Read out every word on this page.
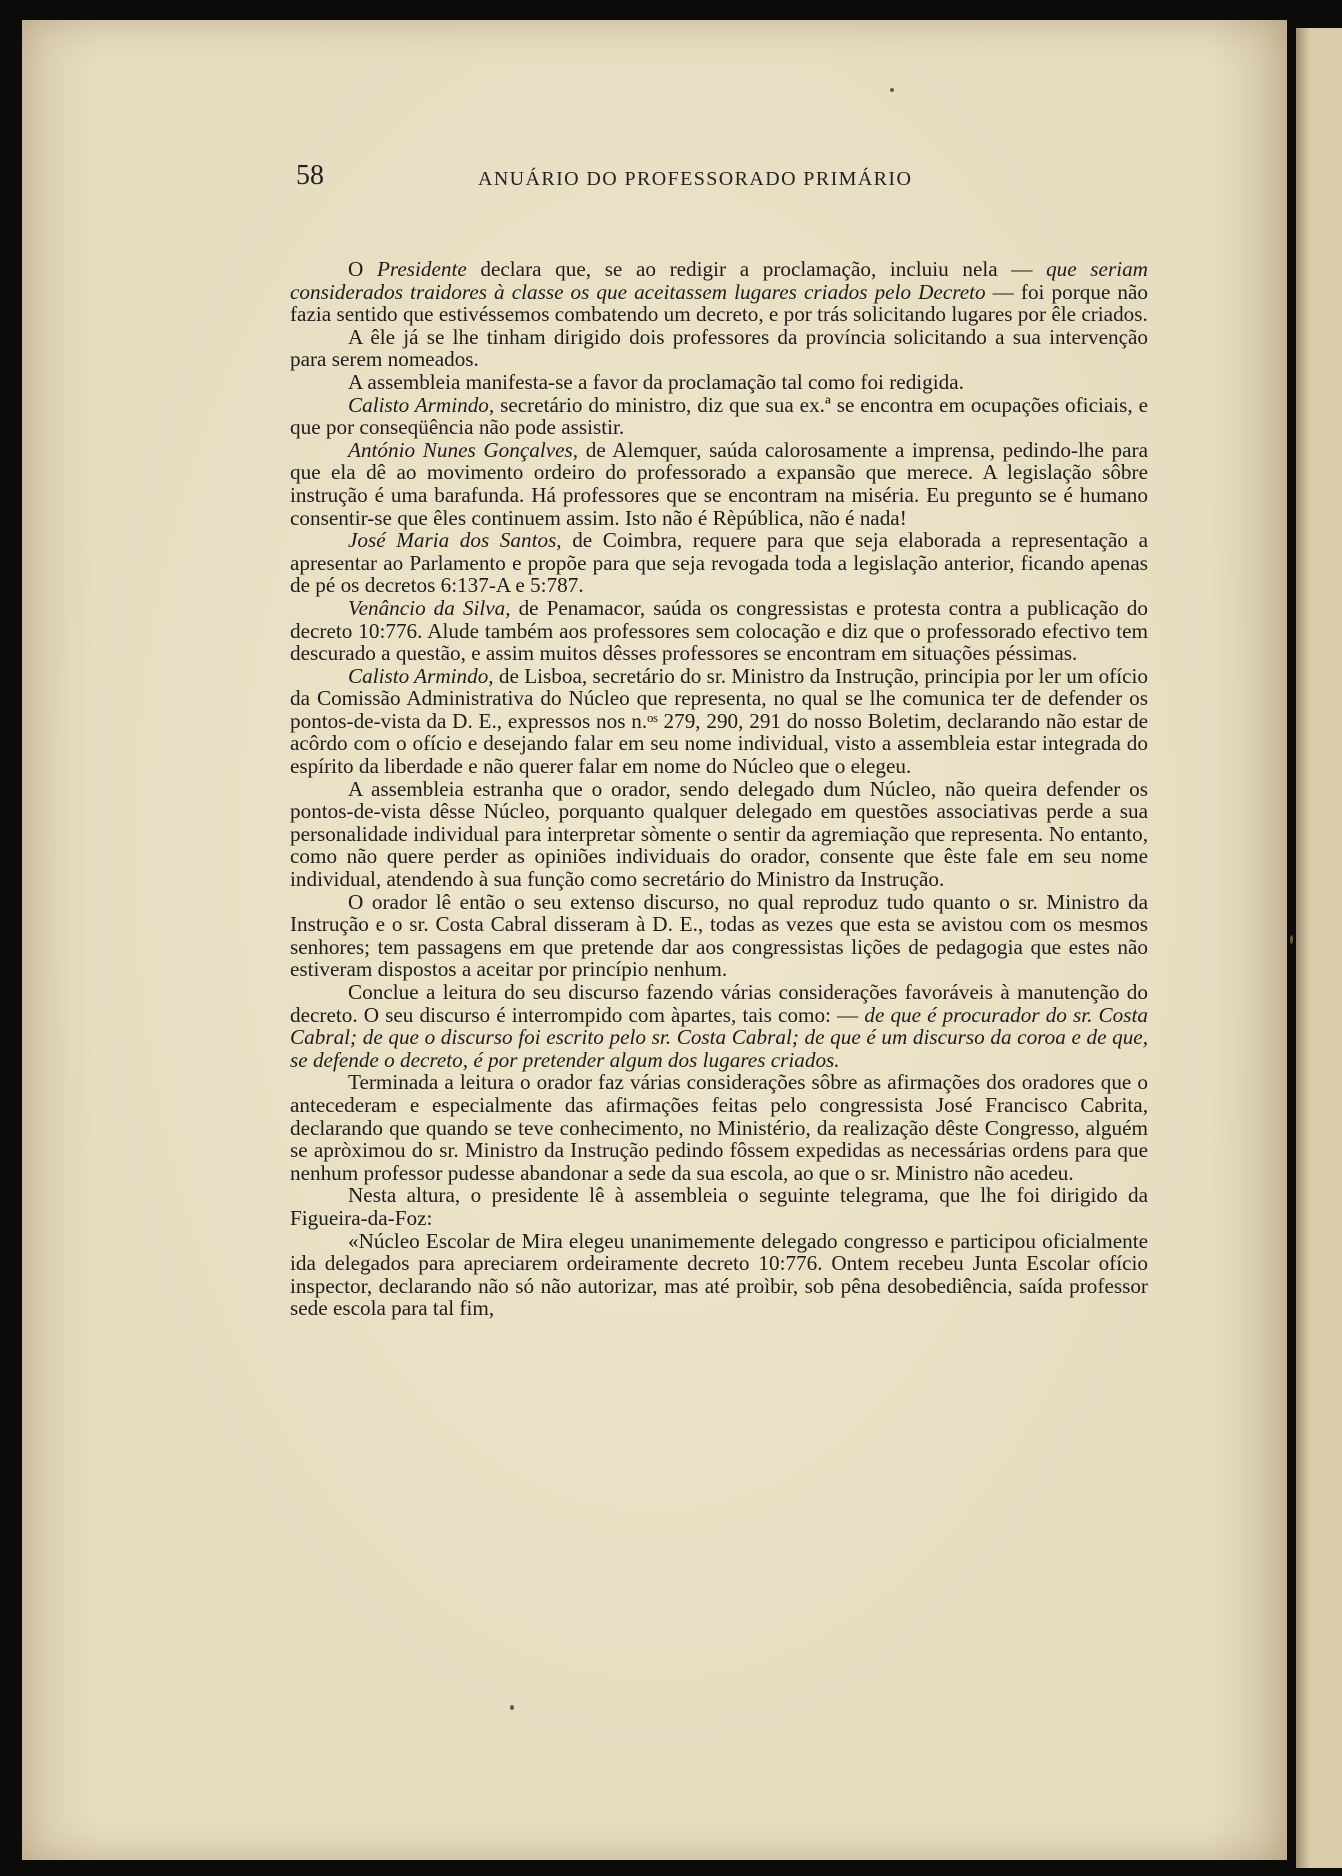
58	ANUÁRIO DO PROFESSORADO PRIMÁRIO

O Presidente declara que, se ao redigir a proclamação, incluiu nela — que seriam considerados traidores à classe os que aceitassem lugares criados pelo Decreto — foi porque não fazia sentido que estivéssemos combatendo um decreto, e por trás solicitando lugares por êle criados.

A êle já se lhe tinham dirigido dois professores da província solicitando a sua intervenção para serem nomeados.

A assembleia manifesta-se a favor da proclamação tal como foi redigida.

Calisto Armindo, secretário do ministro, diz que sua ex.ª se encontra em ocupações oficiais, e que por conseqüência não pode assistir.

António Nunes Gonçalves, de Alemquer, saúda calorosamente a imprensa, pedindo-lhe para que ela dê ao movimento ordeiro do professorado a expansão que merece. A legislação sôbre instrução é uma barafunda. Há professores que se encontram na miséria. Eu pregunto se é humano consentir-se que êles continuem assim. Isto não é Rèpública, não é nada!

José Maria dos Santos, de Coimbra, requere para que seja elaborada a representação a apresentar ao Parlamento e propõe para que seja revogada toda a legislação anterior, ficando apenas de pé os decretos 6:137-A e 5:787.

Venâncio da Silva, de Penamacor, saúda os congressistas e protesta contra a publicação do decreto 10:776. Alude também aos professores sem colocação e diz que o professorado efectivo tem descurado a questão, e assim muitos dêsses professores se encontram em situações péssimas.

Calisto Armindo, de Lisboa, secretário do sr. Ministro da Instrução, principia por ler um ofício da Comissão Administrativa do Núcleo que representa, no qual se lhe comunica ter de defender os pontos-de-vista da D. E., expressos nos n.ᵒˢ 279, 290, 291 do nosso Boletim, declarando não estar de acôrdo com o ofício e desejando falar em seu nome individual, visto a assembleia estar integrada do espírito da liberdade e não querer falar em nome do Núcleo que o elegeu.

A assembleia estranha que o orador, sendo delegado dum Núcleo, não queira defender os pontos-de-vista dêsse Núcleo, porquanto qualquer delegado em questões associativas perde a sua personalidade individual para interpretar sòmente o sentir da agremiação que representa. No entanto, como não quere perder as opiniões individuais do orador, consente que êste fale em seu nome individual, atendendo à sua função como secretário do Ministro da Instrução.

O orador lê então o seu extenso discurso, no qual reproduz tudo quanto o sr. Ministro da Instrução e o sr. Costa Cabral disseram à D. E., todas as vezes que esta se avistou com os mesmos senhores; tem passagens em que pretende dar aos congressistas lições de pedagogia que estes não estiveram dispostos a aceitar por princípio nenhum.

Conclue a leitura do seu discurso fazendo várias considerações favoráveis à manutenção do decreto. O seu discurso é interrompido com àpartes, tais como: — de que é procurador do sr. Costa Cabral; de que o discurso foi escrito pelo sr. Costa Cabral; de que é um discurso da coroa e de que, se defende o decreto, é por pretender algum dos lugares criados.

Terminada a leitura o orador faz várias considerações sôbre as afirmações dos oradores que o antecederam e especialmente das afirmações feitas pelo congressista José Francisco Cabrita, declarando que quando se teve conhecimento, no Ministério, da realização dêste Congresso, alguém se apròximou do sr. Ministro da Instrução pedindo fôssem expedidas as necessárias ordens para que nenhum professor pudesse abandonar a sede da sua escola, ao que o sr. Ministro não acedeu.

Nesta altura, o presidente lê à assembleia o seguinte telegrama, que lhe foi dirigido da Figueira-da-Foz:

«Núcleo Escolar de Mira elegeu unanimemente delegado congresso e participou oficialmente ida delegados para apreciarem ordeiramente decreto 10:776. Ontem recebeu Junta Escolar ofício inspector, declarando não só não autorizar, mas até proìbir, sob pêna desobediência, saída professor sede escola para tal fim,
